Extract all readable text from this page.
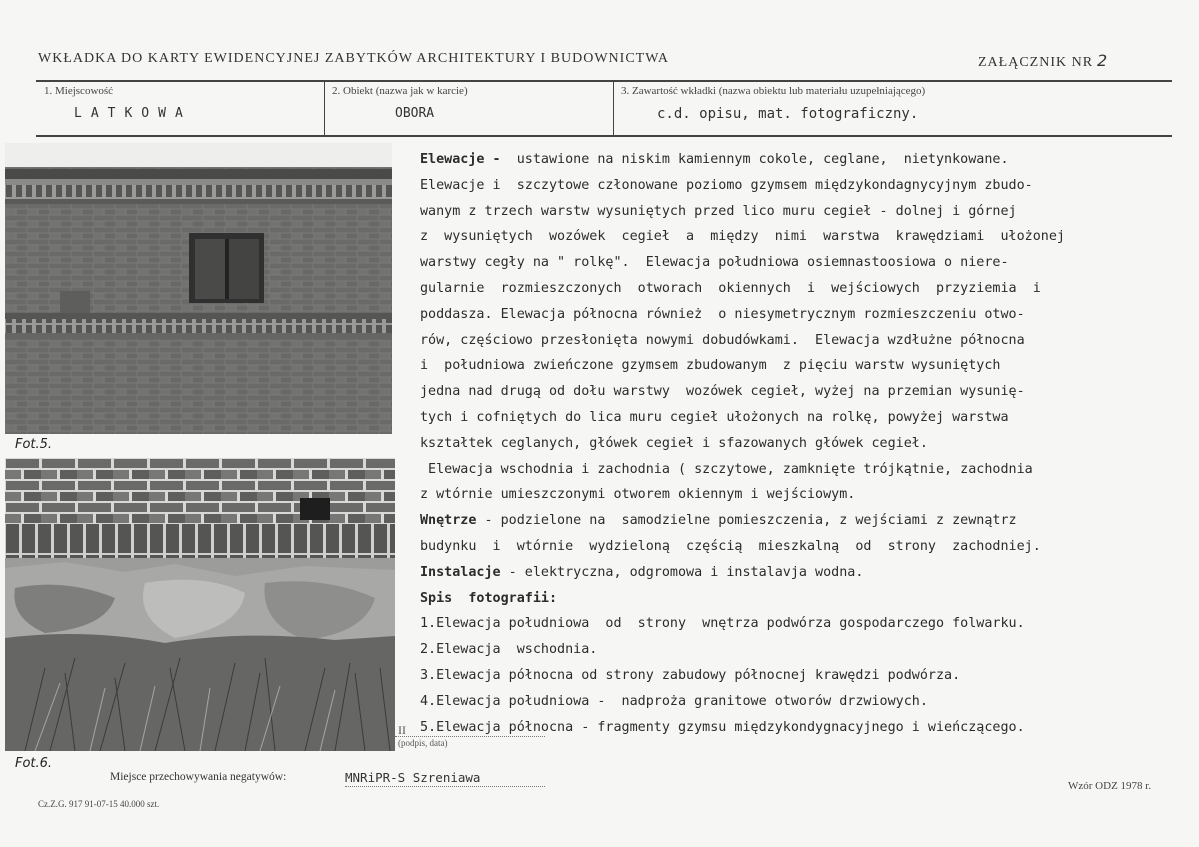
WKŁADKA DO KARTY EWIDENCYJNEJ ZABYTKÓW ARCHITEKTURY I BUDOWNICTWA	ZAŁĄCZNIK NR 2
1. Miejscowość
LATKOWA
2. Obiekt (nazwa jak w karcie)
OBORA
3. Zawartość wkładki (nazwa obiektu lub materiału uzupełniającego)
c.d. opisu, mat. fotograficzny.
Fot.5.
Fot.6.
Elewacje -  ustawione na niskim kamiennym cokole, ceglane,  nietynkowane.
Elewacje i  szczytowe członowane poziomo gzymsem międzykondagnycyjnym zbudo-
wanym z trzech warstw wysuniętych przed lico muru cegieł - dolnej i górnej
z  wysuniętych  wozówek  cegieł  a  między  nimi  warstwa  krawędziami  ułożonej
warstwy cegły na " rolkę".  Elewacja południowa osiemnastoosiowa o niere-
gularnie  rozmieszczonych  otworach  okiennych  i  wejściowych  przyziemia  i
poddasza. Elewacja północna również  o niesymetrycznym rozmieszczeniu otwo-
rów, częściowo przesłonięta nowymi dobudówkami.  Elewacja wzdłużne północna
i  południowa zwieńczone gzymsem zbudowanym  z pięciu warstw wysuniętych
jedna nad drugą od dołu warstwy  wozówek cegieł, wyżej na przemian wysunię-
tych i cofniętych do lica muru cegieł ułożonych na rolkę, powyżej warstwa
kształtek ceglanych, główek cegieł i sfazowanych główek cegieł.
Elewacja wschodnia i zachodnia ( szczytowe, zamknięte trójkątnie, zachodnia
z wtórnie umieszczonymi otworem okiennym i wejściowym.
Wnętrze - podzielone na  samodzielne pomieszczenia, z wejściami z zewnątrz
budynku  i  wtórnie  wydzieloną  częścią  mieszkalną  od  strony  zachodniej.
Instalacje - elektryczna, odgromowa i instalavja wodna.
Spis  fotografii:
1.Elewacja południowa  od  strony  wnętrza podwórza gospodarczego folwarku.
2.Elewacja  wschodnia.
3.Elewacja północna od strony zabudowy północnej krawędzi podwórza.
4.Elewacja południowa -  nadproża granitowe otworów drzwiowych.
5.Elewacja północna - fragmenty gzymsu międzykondygnacyjnego i wieńczącego.
II
(podpis, data)
Miejsce przechowywania negatywów:	MNRiPR-S Szreniawa
Cz.Z.G. 917 91-07-15 40.000 szt.
Wzór ODZ 1978 r.
